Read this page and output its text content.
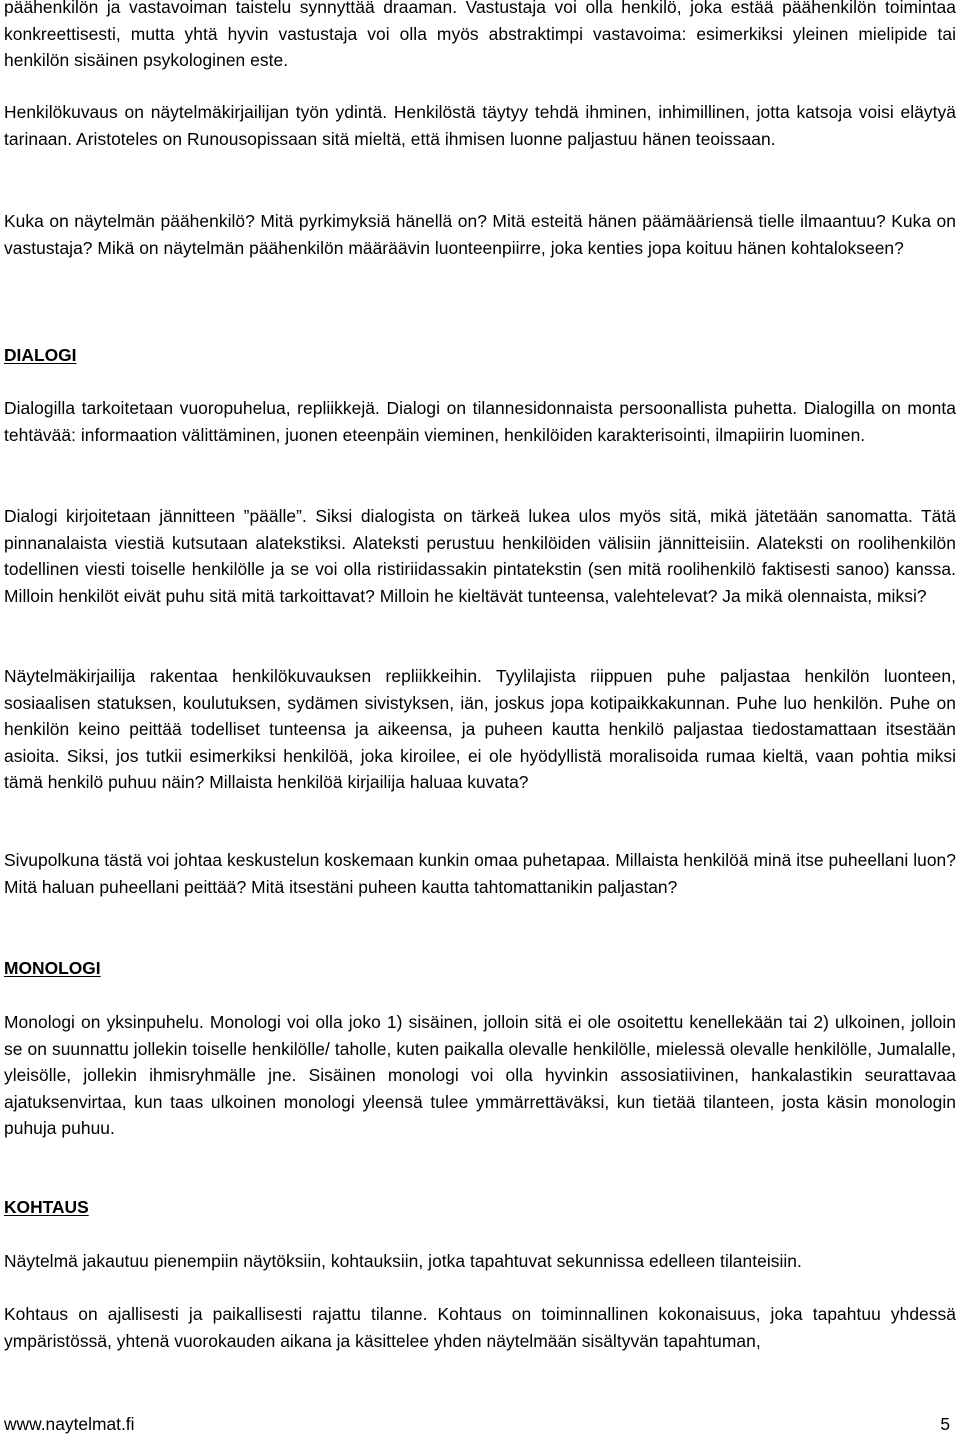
päähenkilön ja vastavoiman taistelu synnyttää draaman. Vastustaja voi olla henkilö, joka estää päähenkilön toimintaa konkreettisesti, mutta yhtä hyvin vastustaja voi olla myös abstraktimpi vastavoima: esimerkiksi yleinen mielipide tai henkilön sisäinen psykologinen este.

Henkilökuvaus on näytelmäkirjailijan työn ydintä. Henkilöstä täytyy tehdä ihminen, inhimillinen, jotta katsoja voisi eläytyä tarinaan. Aristoteles on Runousopissaan sitä mieltä, että ihmisen luonne paljastuu hänen teoissaan.

Kuka on näytelmän päähenkilö? Mitä pyrkimyksiä hänellä on? Mitä esteitä hänen päämääriensä tielle ilmaantuu? Kuka on vastustaja? Mikä on näytelmän päähenkilön määräävin luonteenpiirre, joka kenties jopa koituu hänen kohtalokseen?

DIALOGI

Dialogilla tarkoitetaan vuoropuhelua, repliikkejä. Dialogi on tilannesidonnaista persoonallista puhetta. Dialogilla on monta tehtävää: informaation välittäminen, juonen eteenpäin vieminen, henkilöiden karakterisointi, ilmapiirin luominen.

Dialogi kirjoitetaan jännitteen ”päälle”. Siksi dialogista on tärkeä lukea ulos myös sitä, mikä jätetään sanomatta. Tätä pinnanalaista viestiä kutsutaan alatekstiksi. Alateksti perustuu henkilöiden välisiin jännitteisiin. Alateksti on roolihenkilön todellinen viesti toiselle henkilölle ja se voi olla ristiriidassakin pintatekstin (sen mitä roolihenkilö faktisesti sanoo) kanssa. Milloin henkilöt eivät puhu sitä mitä tarkoittavat? Milloin he kieltävät tunteensa, valehtelevat? Ja mikä olennaista, miksi?

Näytelmäkirjailija rakentaa henkilökuvauksen repliikkeihin. Tyylilajista riippuen puhe paljastaa henkilön luonteen, sosiaalisen statuksen, koulutuksen, sydämen sivistyksen, iän, joskus jopa kotipaikkakunnan. Puhe luo henkilön. Puhe on henkilön keino peittää todelliset tunteensa ja aikeensa, ja puheen kautta henkilö paljastaa tiedostamattaan itsestään asioita. Siksi, jos tutkii esimerkiksi henkilöä, joka kiroilee, ei ole hyödyllistä moralisoida rumaa kieltä, vaan pohtia miksi tämä henkilö puhuu näin? Millaista henkilöä kirjailija haluaa kuvata?

Sivupolkuna tästä voi johtaa keskustelun koskemaan kunkin omaa puhetapaa. Millaista henkilöä minä itse puheellani luon? Mitä haluan puheellani peittää? Mitä itsestäni puheen kautta tahtomattanikin paljastan?

MONOLOGI

Monologi on yksinpuhelu. Monologi voi olla joko 1) sisäinen, jolloin sitä ei ole osoitettu kenellekään tai 2) ulkoinen, jolloin se on suunnattu jollekin toiselle henkilölle/ taholle, kuten paikalla olevalle henkilölle, mielessä olevalle henkilölle, Jumalalle, yleisölle, jollekin ihmisryhmälle jne. Sisäinen monologi voi olla hyvinkin assosiatiivinen, hankalastikin seurattavaa ajatuksenvirtaa, kun taas ulkoinen monologi yleensä tulee ymmärrettäväksi, kun tietää tilanteen, josta käsin monologin puhuja puhuu.

KOHTAUS

Näytelmä jakautuu pienempiin näytöksiin, kohtauksiin, jotka tapahtuvat sekunnissa edelleen tilanteisiin.

Kohtaus on ajallisesti ja paikallisesti rajattu tilanne. Kohtaus on toiminnallinen kokonaisuus, joka tapahtuu yhdessä ympäristössä, yhtenä vuorokauden aikana ja käsittelee yhden näytelmään sisältyvän tapahtuman,

www.naytelmat.fi	5
